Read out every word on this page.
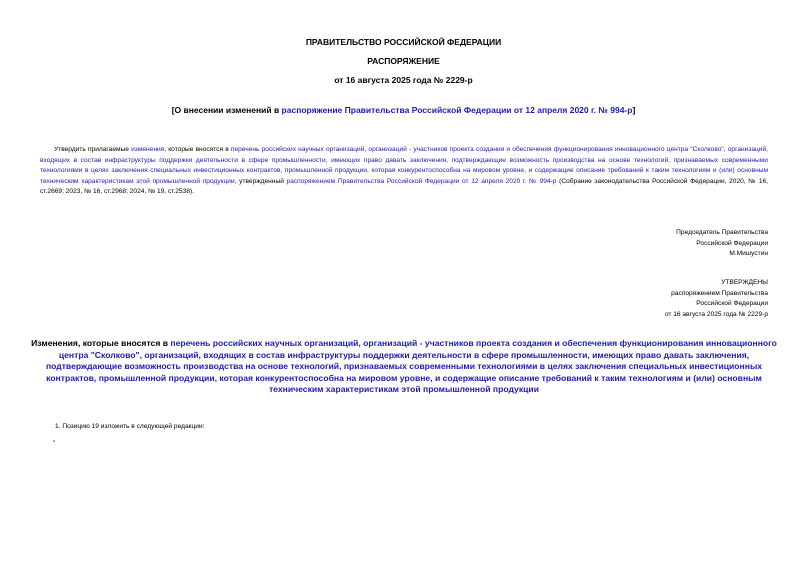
ПРАВИТЕЛЬСТВО РОССИЙСКОЙ ФЕДЕРАЦИИ
РАСПОРЯЖЕНИЕ
от 16 августа 2025 года № 2229-р
[О внесении изменений в распоряжение Правительства Российской Федерации от 12 апреля 2020 г. № 994-р]
Утвердить прилагаемые изменения, которые вносятся в перечень российских научных организаций, организаций - участников проекта создания и обеспечения функционирования инновационного центра "Сколково", организаций, входящих в состав инфраструктуры поддержки деятельности в сфере промышленности, имеющих право давать заключения, подтверждающие возможность производства на основе технологий, признаваемых современными технологиями в целях заключения специальных инвестиционных контрактов, промышленной продукции, которая конкурентоспособна на мировом уровне, и содержащие описание требований к таким технологиям и (или) основным техническим характеристикам этой промышленной продукции, утвержденный распоряжением Правительства Российской Федерации от 12 апреля 2020 г. № 994-р (Собрание законодательства Российской Федерации, 2020, № 16, ст.2669; 2023, № 16, ст.2968; 2024, № 19, ст.2538).
Председатель Правительства
Российской Федерации
М.Мишустин
УТВЕРЖДЕНЫ
распоряжением Правительства
Российской Федерации
от 16 августа 2025 года № 2229-р
Изменения, которые вносятся в перечень российских научных организаций, организаций - участников проекта создания и обеспечения функционирования инновационного центра "Сколково", организаций, входящих в состав инфраструктуры поддержки деятельности в сфере промышленности, имеющих право давать заключения, подтверждающие возможность производства на основе технологий, признаваемых современными технологиями в целях заключения специальных инвестиционных контрактов, промышленной продукции, которая конкурентоспособна на мировом уровне, и содержащие описание требований к таким технологиям и (или) основным техническим характеристикам этой промышленной продукции
1. Позицию 19 изложить в следующей редакции:
"
